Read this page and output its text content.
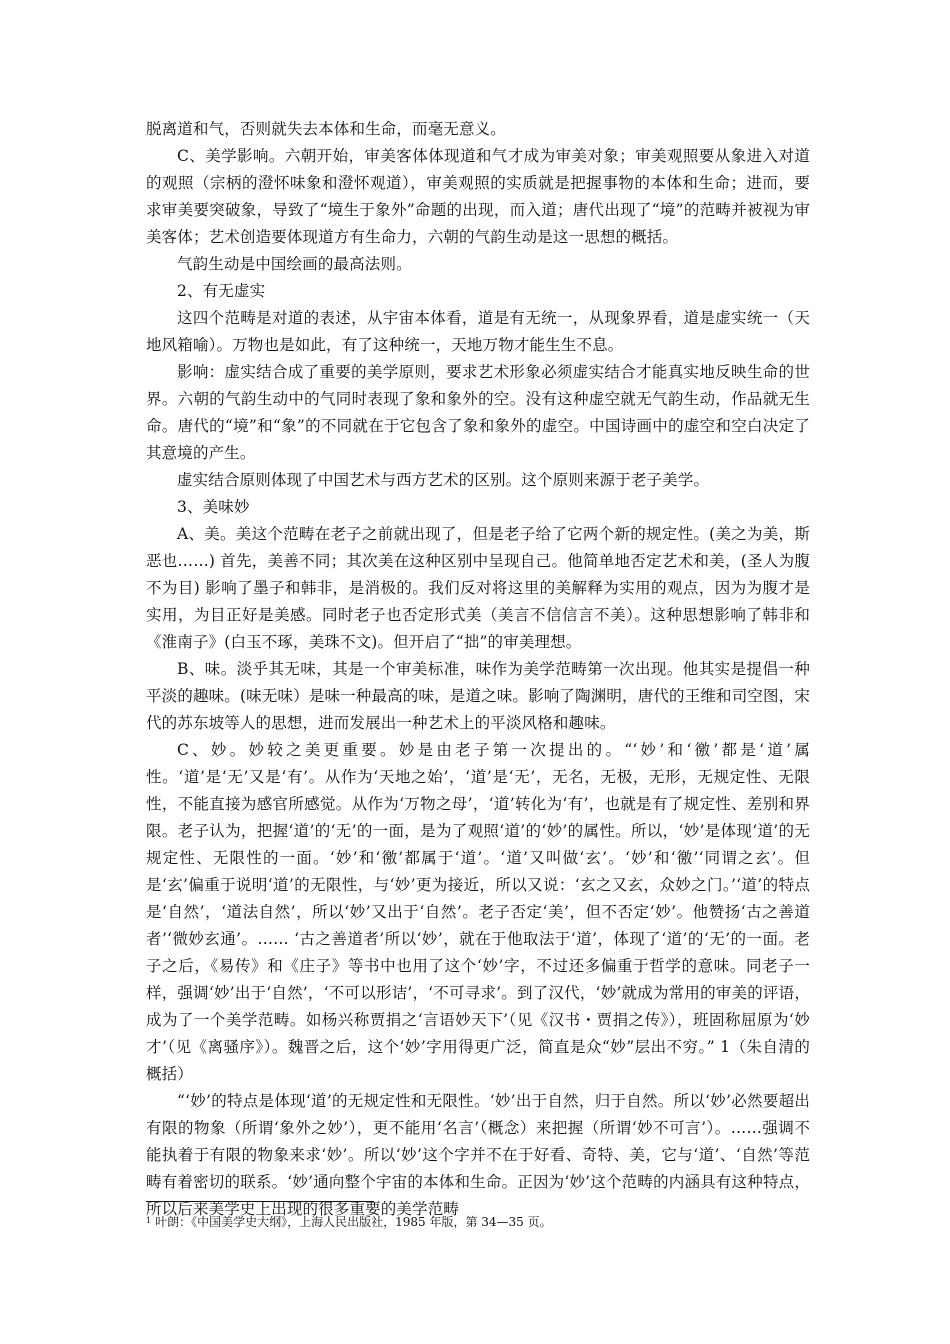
脱离道和气，否则就失去本体和生命，而毫无意义。

C、美学影响。六朝开始，审美客体体现道和气才成为审美对象；审美观照要从象进入对道的观照（宗柄的澄怀味象和澄怀观道），审美观照的实质就是把握事物的本体和生命；进而，要求审美要突破象，导致了“境生于象外”命题的出现，而入道；唐代出现了“境”的范畴并被视为审美客体；艺术创造要体现道方有生命力，六朝的气韵生动是这一思想的概括。

气韵生动是中国绘画的最高法则。

2、有无虚实

这四个范畴是对道的表述，从宇宙本体看，道是有无统一，从现象界看，道是虚实统一（天地风箱喻）。万物也是如此，有了这种统一，天地万物才能生生不息。

影响：虚实结合成了重要的美学原则，要求艺术形象必须虚实结合才能真实地反映生命的世界。六朝的气韵生动中的气同时表现了象和象外的空。没有这种虚空就无气韵生动，作品就无生命。唐代的“境”和“象”的不同就在于它包含了象和象外的虚空。中国诗画中的虚空和空白决定了其意境的产生。

虚实结合原则体现了中国艺术与西方艺术的区别。这个原则来源于老子美学。

3、美味妙

A、美。美这个范畴在老子之前就出现了，但是老子给了它两个新的规定性。(美之为美，斯恶也……) 首先，美善不同；其次美在这种区别中呈现自己。他简单地否定艺术和美，(圣人为腹不为目) 影响了墨子和韩非，是消极的。我们反对将这里的美解释为实用的观点，因为为腹才是实用，为目正好是美感。同时老子也否定形式美（美言不信信言不美）。这种思想影响了韩非和《淮南子》(白玉不琢，美珠不文)。但开启了“拙”的审美理想。

B、味。淡乎其无味，其是一个审美标准，味作为美学范畴第一次出现。他其实是提倡一种平淡的趣味。(味无味）是味一种最高的味，是道之味。影响了陶渊明，唐代的王维和司空图，宋代的苏东坡等人的思想，进而发展出一种艺术上的平淡风格和趣味。

C、妙。妙较之美更重要。妙是由老子第一次提出的。“‘妙’和‘徼’都是‘道’属性。‘道’是‘无’又是‘有’。从作为‘天地之始’，‘道’是‘无’，无名，无极，无形，无规定性、无限性，不能直接为感官所感觉。从作为‘万物之母’，‘道’转化为‘有’，也就是有了规定性、差别和界限。老子认为，把握‘道’的‘无’的一面，是为了观照‘道’的‘妙’的属性。所以，‘妙’是体现‘道’的无规定性、无限性的一面。‘妙’和‘徼’都属于‘道’。‘道’又叫做‘玄’。‘妙’和‘徼’‘同谓之玄’。但是‘玄’偏重于说明‘道’的无限性，与‘妙’更为接近，所以又说：‘玄之又玄，众妙之门。’‘道’的特点是‘自然’，‘道法自然’，所以‘妙’又出于‘自然’。老子否定‘美’，但不否定‘妙’。他赞扬‘古之善道者’‘微妙玄通’。…… ‘古之善道者’所以‘妙’，就在于他取法于‘道’，体现了‘道’的‘无’的一面。老子之后，《易传》和《庄子》等书中也用了这个‘妙’字，不过还多偏重于哲学的意味。同老子一样，强调‘妙’出于‘自然’，‘不可以形诘’，‘不可寻求’。到了汉代，‘妙’就成为常用的审美的评语，成为了一个美学范畴。如杨兴称贾捐之‘言语妙天下’（见《汉书・贾捐之传》），班固称屈原为‘妙才’（见《离骚序》）。魏晋之后，这个‘妙’字用得更广泛，简直是众“妙”层出不穷。” 1（朱自清的概括）

“‘妙’的特点是体现‘道’的无规定性和无限性。‘妙’出于自然，归于自然。所以‘妙’必然要超出有限的物象（所谓‘象外之妙’），更不能用‘名言’（概念）来把握（所谓‘妙不可言’）。……强调不能执着于有限的物象来求‘妙’。所以‘妙’这个字并不在于好看、奇特、美，它与‘道’、‘自然’等范畴有着密切的联系。‘妙’通向整个宇宙的本体和生命。正因为‘妙’这个范畴的内涵具有这种特点，所以后来美学史上出现的很多重要的美学范畴

$^1$ 叶朗：《中国美学史大纲》，上海人民出版社，1985 年版，第 34—35 页。
